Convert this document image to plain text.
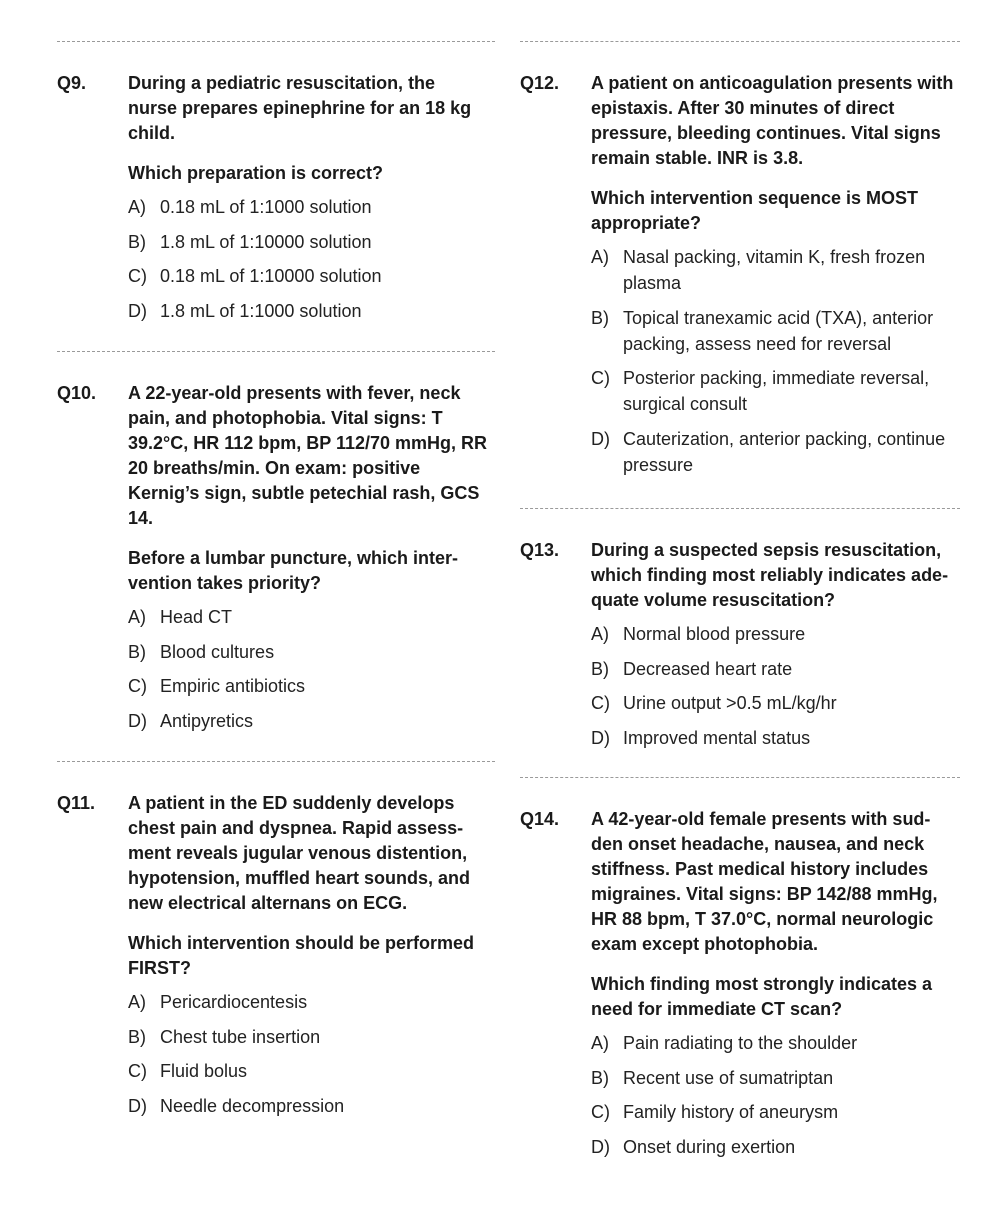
Q9. During a pediatric resuscitation, the nurse prepares epinephrine for an 18 kg child.

Which preparation is correct?

A) 0.18 mL of 1:1000 solution
B) 1.8 mL of 1:10000 solution
C) 0.18 mL of 1:10000 solution
D) 1.8 mL of 1:1000 solution
Q10. A 22-year-old presents with fever, neck pain, and photophobia. Vital signs: T 39.2°C, HR 112 bpm, BP 112/70 mmHg, RR 20 breaths/min. On exam: positive Kernig’s sign, subtle petechial rash, GCS 14.

Before a lumbar puncture, which inter-vention takes priority?

A) Head CT
B) Blood cultures
C) Empiric antibiotics
D) Antipyretics
Q11. A patient in the ED suddenly develops chest pain and dyspnea. Rapid assess-ment reveals jugular venous distention, hypotension, muffled heart sounds, and new electrical alternans on ECG.

Which intervention should be performed FIRST?

A) Pericardiocentesis
B) Chest tube insertion
C) Fluid bolus
D) Needle decompression
Q12. A patient on anticoagulation presents with epistaxis. After 30 minutes of direct pressure, bleeding continues. Vital signs remain stable. INR is 3.8.

Which intervention sequence is MOST appropriate?

A) Nasal packing, vitamin K, fresh frozen plasma
B) Topical tranexamic acid (TXA), anterior packing, assess need for reversal
C) Posterior packing, immediate reversal, surgical consult
D) Cauterization, anterior packing, continue pressure
Q13. During a suspected sepsis resuscitation, which finding most reliably indicates ade-quate volume resuscitation?

A) Normal blood pressure
B) Decreased heart rate
C) Urine output >0.5 mL/kg/hr
D) Improved mental status
Q14. A 42-year-old female presents with sud-den onset headache, nausea, and neck stiffness. Past medical history includes migraines. Vital signs: BP 142/88 mmHg, HR 88 bpm, T 37.0°C, normal neurologic exam except photophobia.

Which finding most strongly indicates a need for immediate CT scan?

A) Pain radiating to the shoulder
B) Recent use of sumatriptan
C) Family history of aneurysm
D) Onset during exertion
